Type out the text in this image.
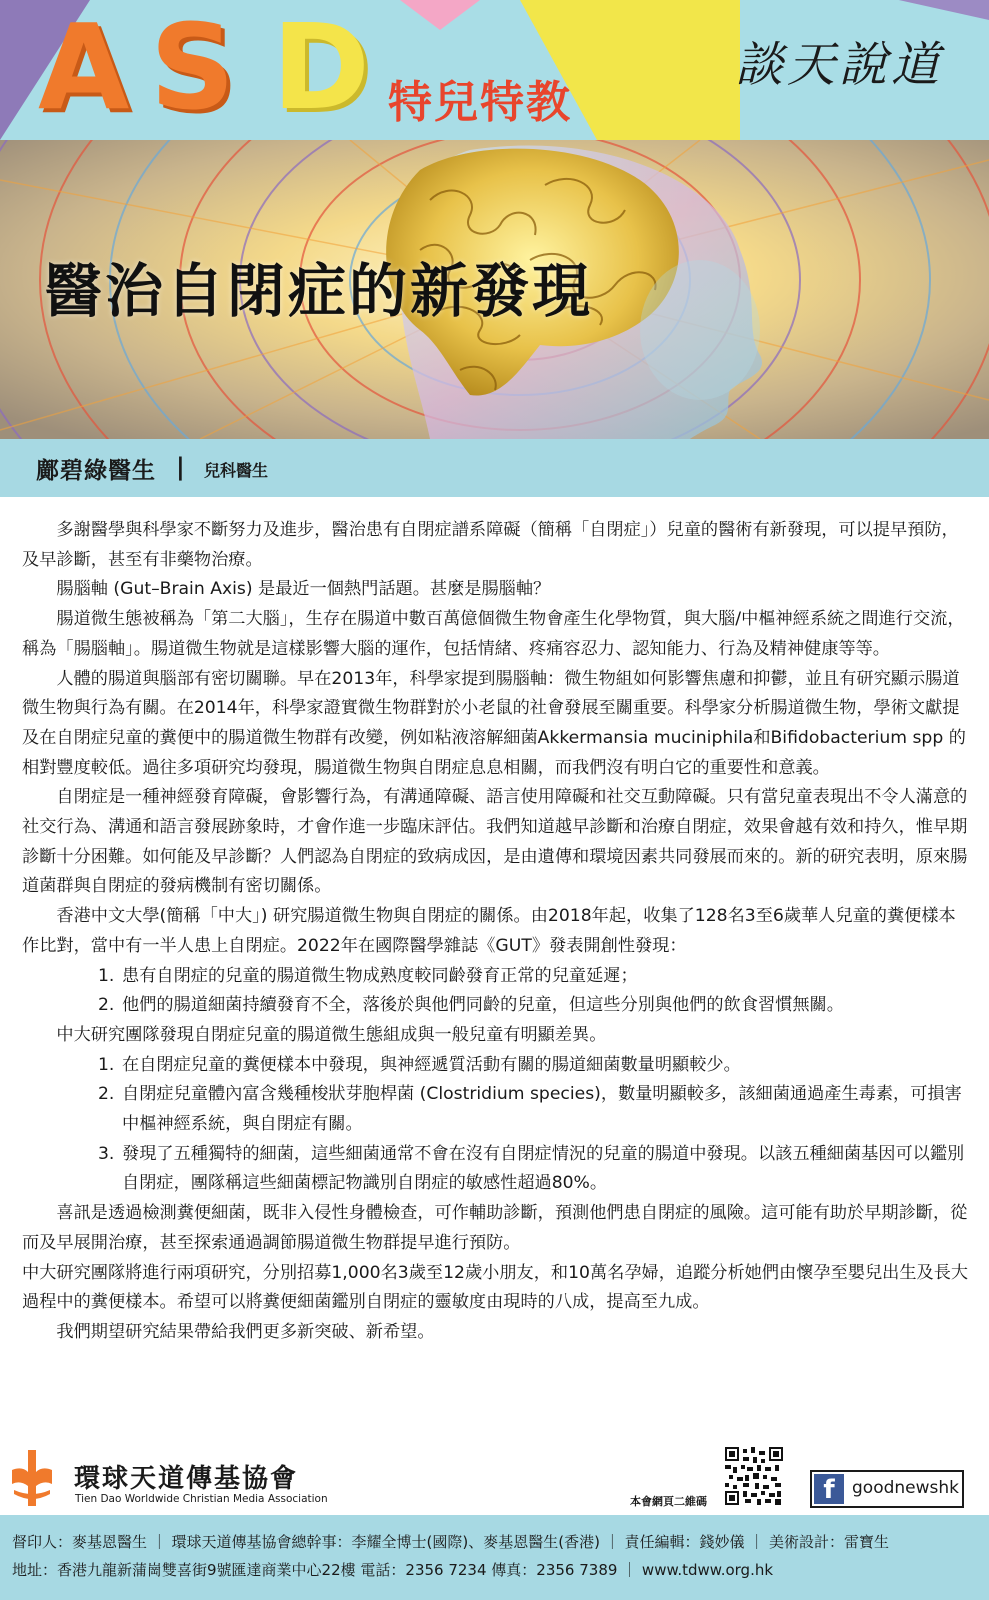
A S D 特兒特教
談天說道
醫治自閉症的新發現
鄺碧綠醫生 | 兒科醫生

多謝醫學與科學家不斷努力及進步，醫治患有自閉症譜系障礙（簡稱「自閉症」）兒童的醫術有新發現，可以提早預防，及早診斷，甚至有非藥物治療。

腸腦軸 (Gut–Brain Axis) 是最近一個熱門話題。甚麼是腸腦軸？

腸道微生態被稱為「第二大腦」，生存在腸道中數百萬億個微生物會產生化學物質，與大腦/中樞神經系統之間進行交流，稱為「腸腦軸」。腸道微生物就是這樣影響大腦的運作，包括情緒、疼痛容忍力、認知能力、行為及精神健康等等。

人體的腸道與腦部有密切關聯。早在2013年，科學家提到腸腦軸：微生物組如何影響焦慮和抑鬱，並且有研究顯示腸道微生物與行為有關。在2014年，科學家證實微生物群對於小老鼠的社會發展至關重要。科學家分析腸道微生物，學術文獻提及在自閉症兒童的糞便中的腸道微生物群有改變，例如粘液溶解細菌Akkermansia muciniphila和Bifidobacterium spp 的相對豐度較低。過往多項研究均發現，腸道微生物與自閉症息息相關，而我們沒有明白它的重要性和意義。

自閉症是一種神經發育障礙，會影響行為，有溝通障礙、語言使用障礙和社交互動障礙。只有當兒童表現出不令人滿意的社交行為、溝通和語言發展跡象時，才會作進一步臨床評估。我們知道越早診斷和治療自閉症，效果會越有效和持久，惟早期診斷十分困難。如何能及早診斷？人們認為自閉症的致病成因，是由遺傳和環境因素共同發展而來的。新的研究表明，原來腸道菌群與自閉症的發病機制有密切關係。

香港中文大學(簡稱「中大」) 研究腸道微生物與自閉症的關係。由2018年起，收集了128名3至6歲華人兒童的糞便樣本作比對，當中有一半人患上自閉症。2022年在國際醫學雜誌《GUT》發表開創性發現：

1. 患有自閉症的兒童的腸道微生物成熟度較同齡發育正常的兒童延遲；
2. 他們的腸道細菌持續發育不全，落後於與他們同齡的兒童，但這些分別與他們的飲食習慣無關。

中大研究團隊發現自閉症兒童的腸道微生態組成與一般兒童有明顯差異。

1. 在自閉症兒童的糞便樣本中發現，與神經遞質活動有關的腸道細菌數量明顯較少。
2. 自閉症兒童體內富含幾種梭狀芽胞桿菌 (Clostridium species)，數量明顯較多，該細菌通過產生毒素，可損害中樞神經系統，與自閉症有關。
3. 發現了五種獨特的細菌，這些細菌通常不會在沒有自閉症情況的兒童的腸道中發現。以該五種細菌基因可以鑑別自閉症，團隊稱這些細菌標記物識別自閉症的敏感性超過80%。

喜訊是透過檢測糞便細菌，既非入侵性身體檢查，可作輔助診斷，預測他們患自閉症的風險。這可能有助於早期診斷，從而及早展開治療，甚至探索通過調節腸道微生物群提早進行預防。

中大研究團隊將進行兩項研究，分別招募1,000名3歲至12歲小朋友，和10萬名孕婦，追蹤分析她們由懷孕至嬰兒出生及長大過程中的糞便樣本。希望可以將糞便細菌鑑別自閉症的靈敏度由現時的八成，提高至九成。

我們期望研究結果帶給我們更多新突破、新希望。

環球天道傳基協會
Tien Dao Worldwide Christian Media Association	本會網頁二維碼	f	goodnewshk
督印人：麥基恩醫生 ｜ 環球天道傳基協會總幹事：李耀全博士(國際)、麥基恩醫生(香港) ｜ 責任編輯：錢妙儀 ｜ 美術設計：雷寶生
地址：香港九龍新蒲崗雙喜街9號匯達商業中心22樓 電話：2356 7234 傳真：2356 7389 ｜ www.tdww.org.hk
